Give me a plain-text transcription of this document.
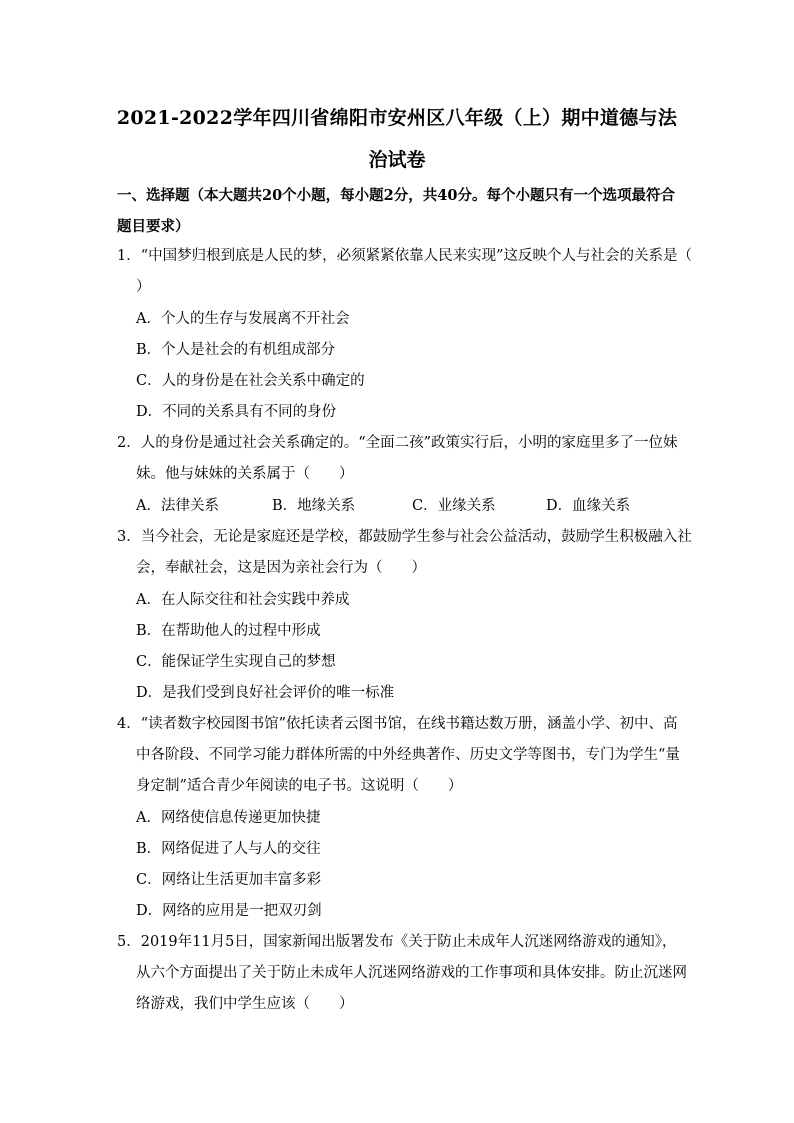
2021-2022学年四川省绵阳市安州区八年级（上）期中道德与法
治试卷
一、选择题（本大题共20个小题，每小题2分，共40分。每个小题只有一个选项最符合
题目要求）
1．“中国梦归根到底是人民的梦，必须紧紧依靠人民来实现”这反映个人与社会的关系是（
）
A．个人的生存与发展离不开社会
B．个人是社会的有机组成部分
C．人的身份是在社会关系中确定的
D．不同的关系具有不同的身份
2．人的身份是通过社会关系确定的。“全面二孩”政策实行后，小明的家庭里多了一位妹
妹。他与妹妹的关系属于（　　）
A．法律关系	B．地缘关系	C．业缘关系	D．血缘关系
3．当今社会，无论是家庭还是学校，都鼓励学生参与社会公益活动，鼓励学生积极融入社
会，奉献社会，这是因为亲社会行为（　　）
A．在人际交往和社会实践中养成
B．在帮助他人的过程中形成
C．能保证学生实现自己的梦想
D．是我们受到良好社会评价的唯一标准
4．“读者数字校园图书馆”依托读者云图书馆，在线书籍达数万册，涵盖小学、初中、高
中各阶段、不同学习能力群体所需的中外经典著作、历史文学等图书，专门为学生“量
身定制”适合青少年阅读的电子书。这说明（　　）
A．网络使信息传递更加快捷
B．网络促进了人与人的交往
C．网络让生活更加丰富多彩
D．网络的应用是一把双刃剑
5．2019年11月5日，国家新闻出版署发布《关于防止未成年人沉迷网络游戏的通知》，
从六个方面提出了关于防止未成年人沉迷网络游戏的工作事项和具体安排。防止沉迷网
络游戏，我们中学生应该（　　）
